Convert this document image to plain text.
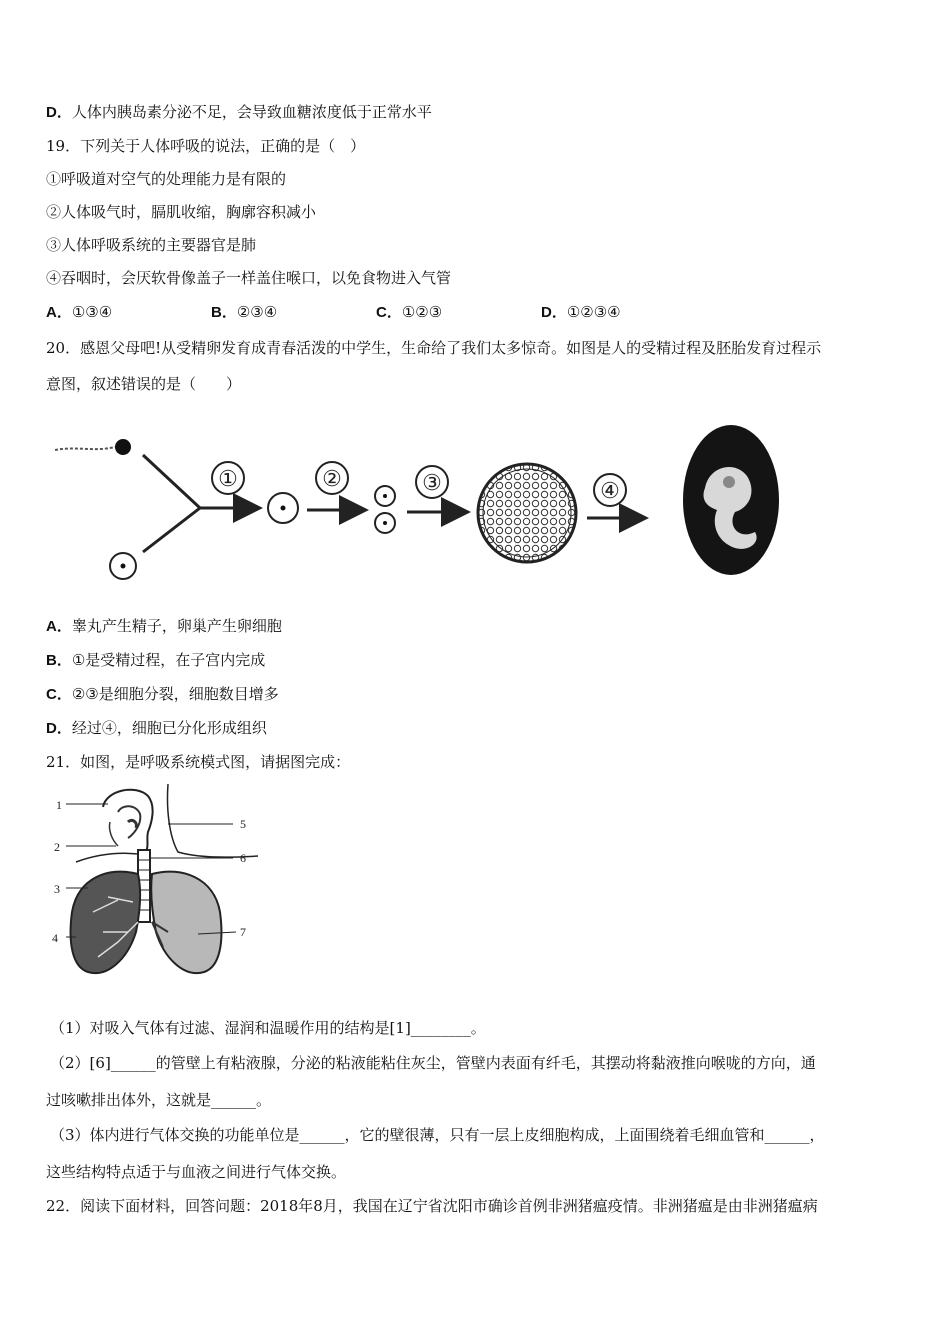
D．人体内胰岛素分泌不足，会导致血糖浓度低于正常水平
19．下列关于人体呼吸的说法，正确的是（　）
①呼吸道对空气的处理能力是有限的
②人体吸气时，膈肌收缩，胸廓容积减小
③人体呼吸系统的主要器官是肺
④吞咽时，会厌软骨像盖子一样盖住喉口，以免食物进入气管
A．①③④	B．②③④	C．①②③	D．①②③④
20．感恩父母吧!从受精卵发育成青春活泼的中学生，生命给了我们太多惊奇。如图是人的受精过程及胚胎发育过程示
意图，叙述错误的是（　　）
①	②	③	④
A．睾丸产生精子，卵巢产生卵细胞
B．①是受精过程，在子宫内完成
C．②③是细胞分裂，细胞数目增多
D．经过④，细胞已分化形成组织
21．如图，是呼吸系统模式图，请据图完成：
1
2
3
4
5
6
7
（1）对吸入气体有过滤、湿润和温暖作用的结构是[1]________。
（2）[6]______的管壁上有粘液腺，分泌的粘液能粘住灰尘，管壁内表面有纤毛，其摆动将黏液推向喉咙的方向，通
过咳嗽排出体外，这就是______。
（3）体内进行气体交换的功能单位是______，它的壁很薄，只有一层上皮细胞构成，上面围绕着毛细血管和______，
这些结构特点适于与血液之间进行气体交换。
22．阅读下面材料，回答问题：2018年8月，我国在辽宁省沈阳市确诊首例非洲猪瘟疫情。非洲猪瘟是由非洲猪瘟病
